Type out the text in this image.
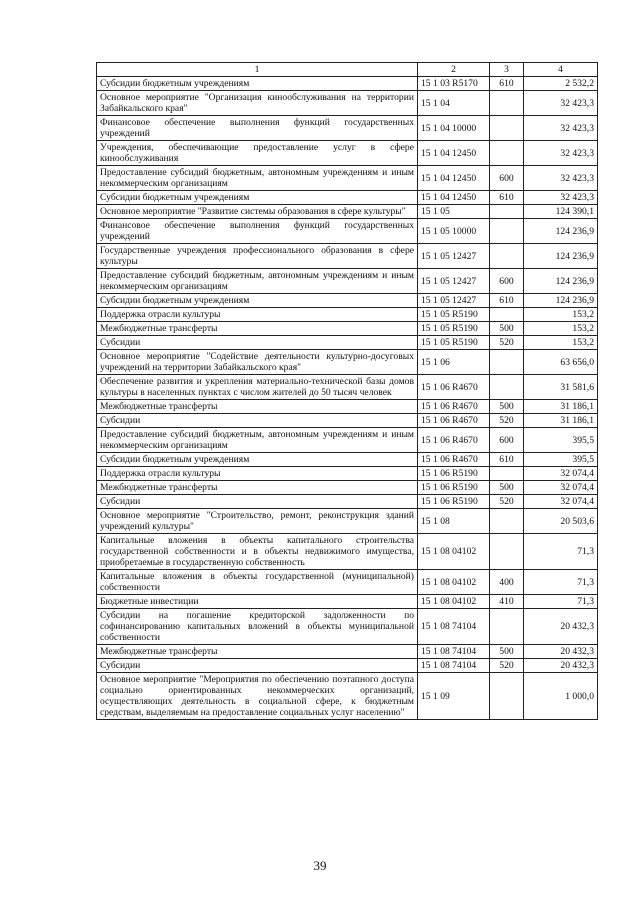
1	2	3	4
Субсидии бюджетным учреждениям	15 1 03 R5170	610	2 532,2
Основное мероприятие "Организация кинообслуживания на территории Забайкальского края"	15 1 04		32 423,3
Финансовое обеспечение выполнения функций государственных учреждений	15 1 04 10000		32 423,3
Учреждения, обеспечивающие предоставление услуг в сфере кинообслуживания	15 1 04 12450		32 423,3
Предоставление субсидий бюджетным, автономным учреждениям и иным некоммерческим организациям	15 1 04 12450	600	32 423,3
Субсидии бюджетным учреждениям	15 1 04 12450	610	32 423,3
Основное мероприятие "Развитие системы образования в сфере культуры"	15 1 05		124 390,1
Финансовое обеспечение выполнения функций государственных учреждений	15 1 05 10000		124 236,9
Государственные учреждения профессионального образования в сфере культуры	15 1 05 12427		124 236,9
Предоставление субсидий бюджетным, автономным учреждениям и иным некоммерческим организациям	15 1 05 12427	600	124 236,9
Субсидии бюджетным учреждениям	15 1 05 12427	610	124 236,9
Поддержка отрасли культуры	15 1 05 R5190		153,2
Межбюджетные трансферты	15 1 05 R5190	500	153,2
Субсидии	15 1 05 R5190	520	153,2
Основное мероприятие "Содействие деятельности культурно-досуговых учреждений на территории Забайкальского края"	15 1 06		63 656,0
Обеспечение развития и укрепления материально-технической базы домов культуры в населенных пунктах с числом жителей до 50 тысяч человек	15 1 06 R4670		31 581,6
Межбюджетные трансферты	15 1 06 R4670	500	31 186,1
Субсидии	15 1 06 R4670	520	31 186,1
Предоставление субсидий бюджетным, автономным учреждениям и иным некоммерческим организациям	15 1 06 R4670	600	395,5
Субсидии бюджетным учреждениям	15 1 06 R4670	610	395,5
Поддержка отрасли культуры	15 1 06 R5190		32 074,4
Межбюджетные трансферты	15 1 06 R5190	500	32 074,4
Субсидии	15 1 06 R5190	520	32 074,4
Основное мероприятие "Строительство, ремонт, реконструкция зданий учреждений культуры"	15 1 08		20 503,6
Капитальные вложения в объекты капитального строительства государственной собственности и в объекты недвижимого имущества, приобретаемые в государственную собственность	15 1 08 04102		71,3
Капитальные вложения в объекты государственной (муниципальной) собственности	15 1 08 04102	400	71,3
Бюджетные инвестиции	15 1 08 04102	410	71,3
Субсидии на погашение кредиторской задолженности по софинансированию капитальных вложений в объекты муниципальной собственности	15 1 08 74104		20 432,3
Межбюджетные трансферты	15 1 08 74104	500	20 432,3
Субсидии	15 1 08 74104	520	20 432,3
Основное мероприятие "Мероприятия по обеспечению поэтапного доступа социально ориентированных некоммерческих организаций, осуществляющих деятельность в социальной сфере, к бюджетным средствам, выделяемым на предоставление социальных услуг населению"	15 1 09		1 000,0
39
